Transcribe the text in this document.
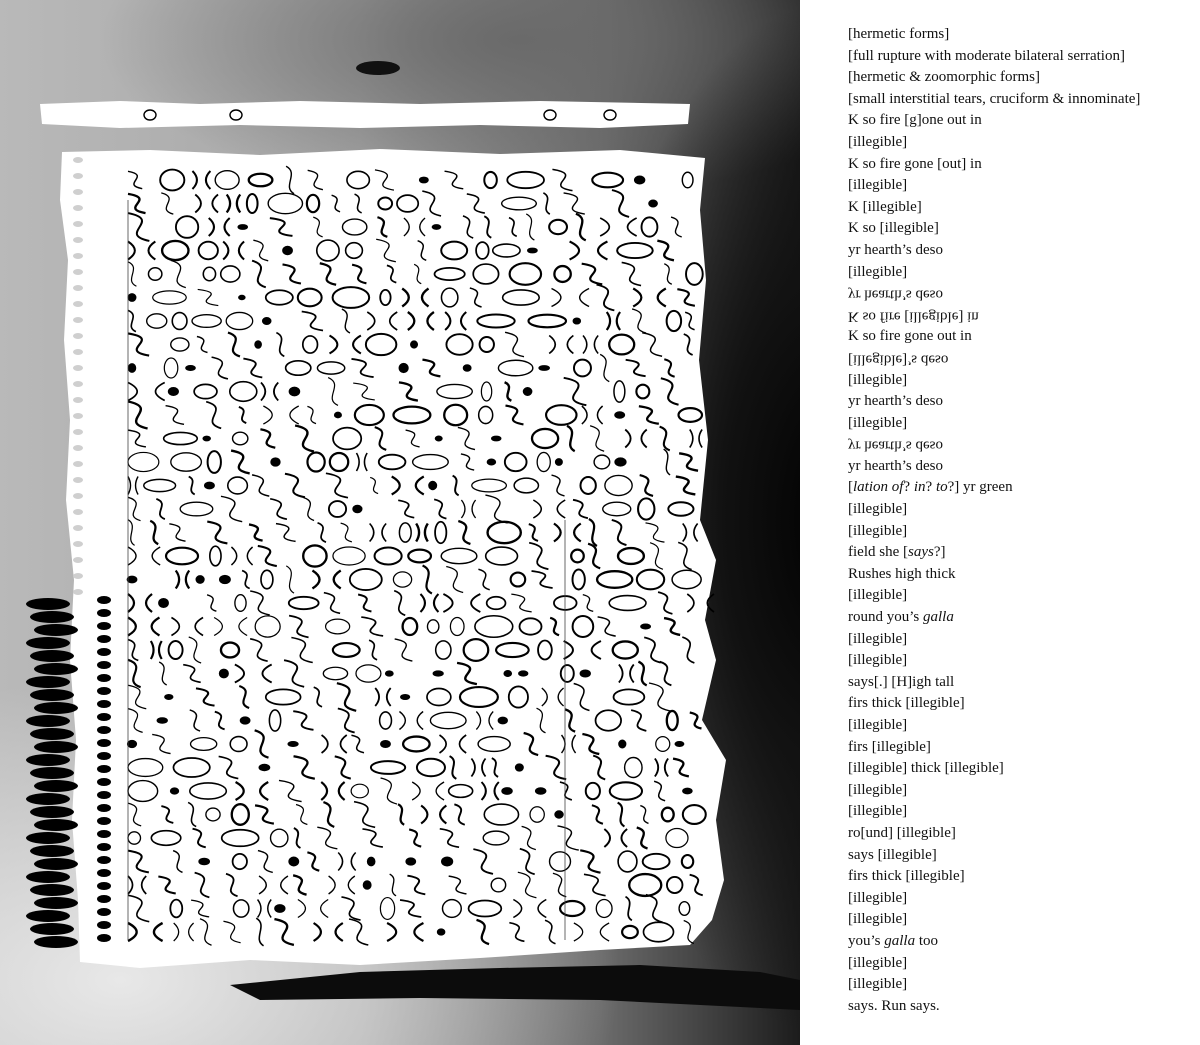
[hermetic forms]
[full rupture with moderate bilateral serration]
[hermetic & zoomorphic forms]
[small interstitial tears, cruciform & innominate]
K so fire [g]one out in
[illegible]
K so fire gone [out] in
[illegible]
K [illegible]
K so [illegible]
yr hearth’s deso
[illegible]
yr hearth’s deso
K so fire [illegible] in
K so fire gone out in
[illegible]’s deso
[illegible]
yr hearth’s deso
[illegible]
yr hearth’s deso
yr hearth’s deso
[lation of? in? to?] yr green
[illegible]
[illegible]
field she [says?]
Rushes high thick
[illegible]
round you’s galla
[illegible]
[illegible]
says[.] [H]igh tall
firs thick [illegible]
[illegible]
firs [illegible]
[illegible] thick [illegible]
[illegible]
[illegible]
ro[und] [illegible]
says [illegible]
firs thick [illegible]
[illegible]
[illegible]
you’s galla too
[illegible]
[illegible]
says. Run says.
